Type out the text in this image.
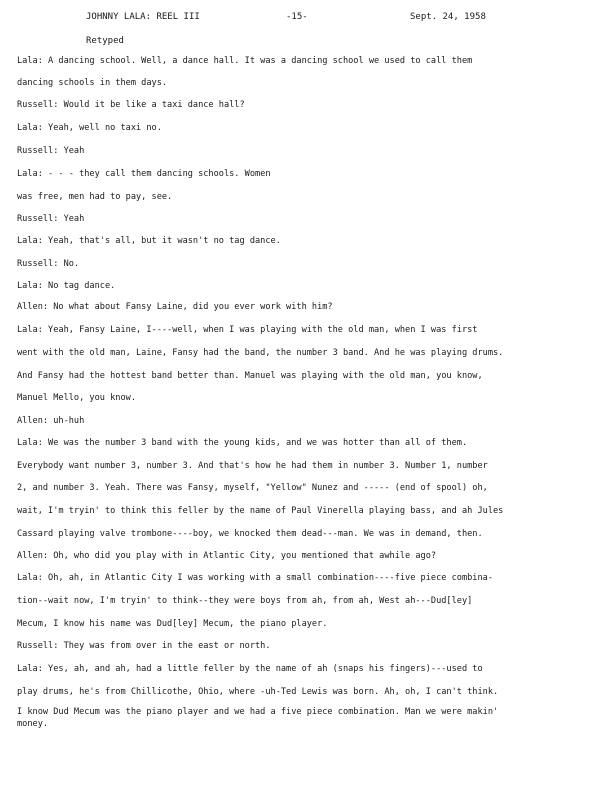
JOHNNY LALA: REEL III	-15-	Sept. 24, 1958
Retyped
Lala: A dancing school. Well, a dance hall. It was a dancing school we used to call them
dancing schools in them days.
Russell: Would it be like a taxi dance hall?
Lala: Yeah, well no taxi no.
Russell: Yeah
Lala: - - - they call them dancing schools. Women
was free, men had to pay, see.
Russell: Yeah
Lala: Yeah, that's all, but it wasn't no tag dance.
Russell: No.
Lala: No tag dance.
Allen: No what about Fansy Laine, did you ever work with him?
Lala: Yeah, Fansy Laine, I----well, when I was playing with the old man, when I was first
went with the old man, Laine, Fansy had the band, the number 3 band. And he was playing drums.
And Fansy had the hottest band better than. Manuel was playing with the old man, you know,
Manuel Mello, you know.
Allen: uh-huh
Lala: We was the number 3 band with the young kids, and we was hotter than all of them.
Everybody want number 3, number 3. And that's how he had them in number 3. Number 1, number
2, and number 3. Yeah. There was Fansy, myself, "Yellow" Nunez and ----- (end of spool) oh,
wait, I'm tryin' to think this feller by the name of Paul Vinerella playing bass, and ah Jules
Cassard playing valve trombone----boy, we knocked them dead---man. We was in demand, then.
Allen: Oh, who did you play with in Atlantic City, you mentioned that awhile ago?
Lala: Oh, ah, in Atlantic City I was working with a small combination----five piece combina-
tion--wait now, I'm tryin' to think--they were boys from ah, from ah, West ah---Dud[ley]
Mecum, I know his name was Dud[ley] Mecum, the piano player.
Russell: They was from over in the east or north.
Lala: Yes, ah, and ah, had a little feller by the name of ah (snaps his fingers)---used to
play drums, he's from Chillicothe, Ohio, where -uh-Ted Lewis was born. Ah, oh, I can't think.
I know Dud Mecum was the piano player and we had a five piece combination. Man we were makin'
money.
